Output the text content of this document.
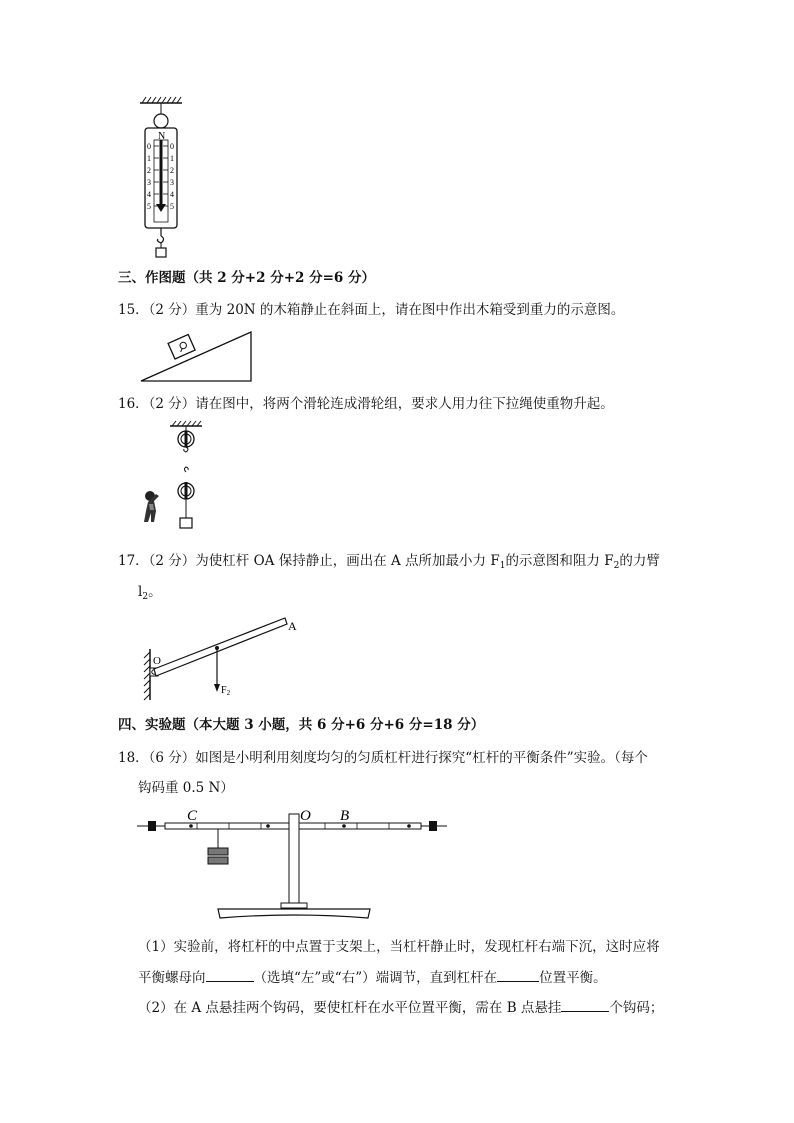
N
0
1
2
3
4
5
0
1
2
3
4
5
三、作图题（共 2 分+2 分+2 分=6 分）
15．（2 分）重为 20N 的木箱静止在斜面上，请在图中作出木箱受到重力的示意图。
16．（2 分）请在图中，将两个滑轮连成滑轮组，要求人用力往下拉绳使重物升起。
17．（2 分）为使杠杆 OA 保持静止，画出在 A 点所加最小力 $F_1$的示意图和阻力 $F_2$的力臂
$l_2$。
A
O
$F_2$
四、实验题（本大题 3 小题，共 6 分+6 分+6 分=18 分）
18．（6 分）如图是小明利用刻度均匀的匀质杠杆进行探究“杠杆的平衡条件”实验。（每个
钩码重 0.5 N）
C	O B
（1）实验前，将杠杆的中点置于支架上，当杠杆静止时，发现杠杆右端下沉，这时应将
平衡螺母向	（选填“左”或“右”）端调节，直到杠杆在	位置平衡。
（2）在 A 点悬挂两个钩码，要使杠杆在水平位置平衡，需在 B 点悬挂	个钩码；
